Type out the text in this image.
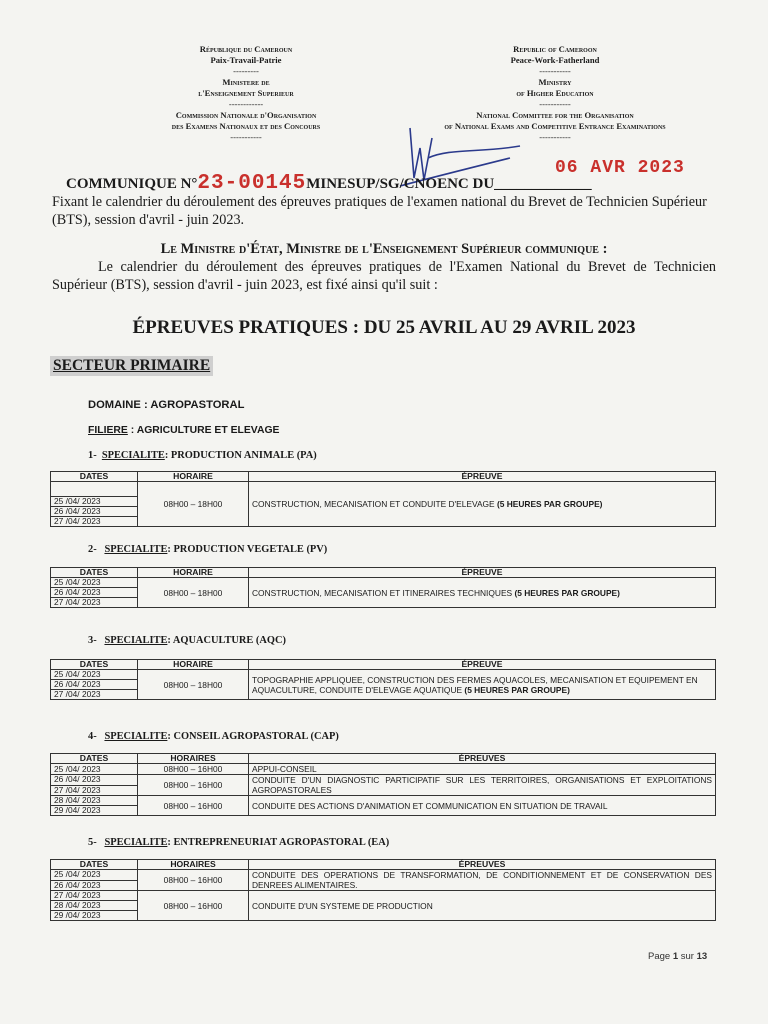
République du Cameroun
Paix-Travail-Patrie
---------
Ministere de
l'Enseignement Superieur
------------
Commission Nationale d'Organisation
des Examens Nationaux et des Concours
-----------
Republic of Cameroon
Peace-Work-Fatherland
-----------
Ministry
of Higher Education
-----------
National Committee for the Organisation
of National Exams and Competitive Entrance Examinations
-----------
06 AVR 2023
COMMUNIQUE N°23-00145MINESUP/SG/CNOENC DU_____________
Fixant le calendrier du déroulement des épreuves pratiques de l'examen national du Brevet de Technicien Supérieur (BTS), session d'avril - juin 2023.
Le Ministre d'État, Ministre de l'Enseignement Supérieur communique :
Le calendrier du déroulement des épreuves pratiques de l'Examen National du Brevet de Technicien Supérieur (BTS), session d'avril - juin 2023, est fixé ainsi qu'il suit :
ÉPREUVES PRATIQUES : DU 25 AVRIL AU 29 AVRIL 2023
SECTEUR PRIMAIRE
DOMAINE : AGROPASTORAL
FILIERE : AGRICULTURE ET ELEVAGE
1- SPECIALITE: PRODUCTION ANIMALE (PA)
DATES	HORAIRE	ÉPREUVE
	08H00 – 18H00	CONSTRUCTION, MECANISATION ET CONDUITE D'ELEVAGE (5 HEURES PAR GROUPE)
25 /04/ 2023		
26 /04/ 2023		
27 /04/ 2023		
2- SPECIALITE: PRODUCTION VEGETALE (PV)
DATES	HORAIRE	ÉPREUVE
25 /04/ 2023	08H00 – 18H00	CONSTRUCTION, MECANISATION ET ITINERAIRES TECHNIQUES (5 HEURES PAR GROUPE)
26 /04/ 2023		
27 /04/ 2023		
3- SPECIALITE: AQUACULTURE (AQC)
DATES	HORAIRE	ÉPREUVE
25 /04/ 2023	08H00 – 18H00	TOPOGRAPHIE APPLIQUEE, CONSTRUCTION DES FERMES AQUACOLES, MECANISATION ET EQUIPEMENT EN AQUACULTURE, CONDUITE D'ELEVAGE AQUATIQUE (5 HEURES PAR GROUPE)
26 /04/ 2023		
27 /04/ 2023		
4- SPECIALITE: CONSEIL AGROPASTORAL (CAP)
DATES	HORAIRES	ÉPREUVES
25 /04/ 2023	08H00 – 16H00	APPUI-CONSEIL
26 /04/ 2023	08H00 – 16H00	CONDUITE D'UN DIAGNOSTIC PARTICIPATIF SUR LES TERRITOIRES, ORGANISATIONS ET EXPLOITATIONS AGROPASTORALES
27 /04/ 2023		
28 /04/ 2023	08H00 – 16H00	CONDUITE DES ACTIONS D'ANIMATION ET COMMUNICATION EN SITUATION DE TRAVAIL
29 /04/ 2023		
5- SPECIALITE: ENTREPRENEURIAT AGROPASTORAL (EA)
DATES	HORAIRES	ÉPREUVES
25 /04/ 2023	08H00 – 16H00	CONDUITE DES OPERATIONS DE TRANSFORMATION, DE CONDITIONNEMENT ET DE CONSERVATION DES DENREES ALIMENTAIRES.
26 /04/ 2023		
27 /04/ 2023	08H00 – 16H00	CONDUITE D'UN SYSTEME DE PRODUCTION
28 /04/ 2023		
29 /04/ 2023		
Page 1 sur 13
